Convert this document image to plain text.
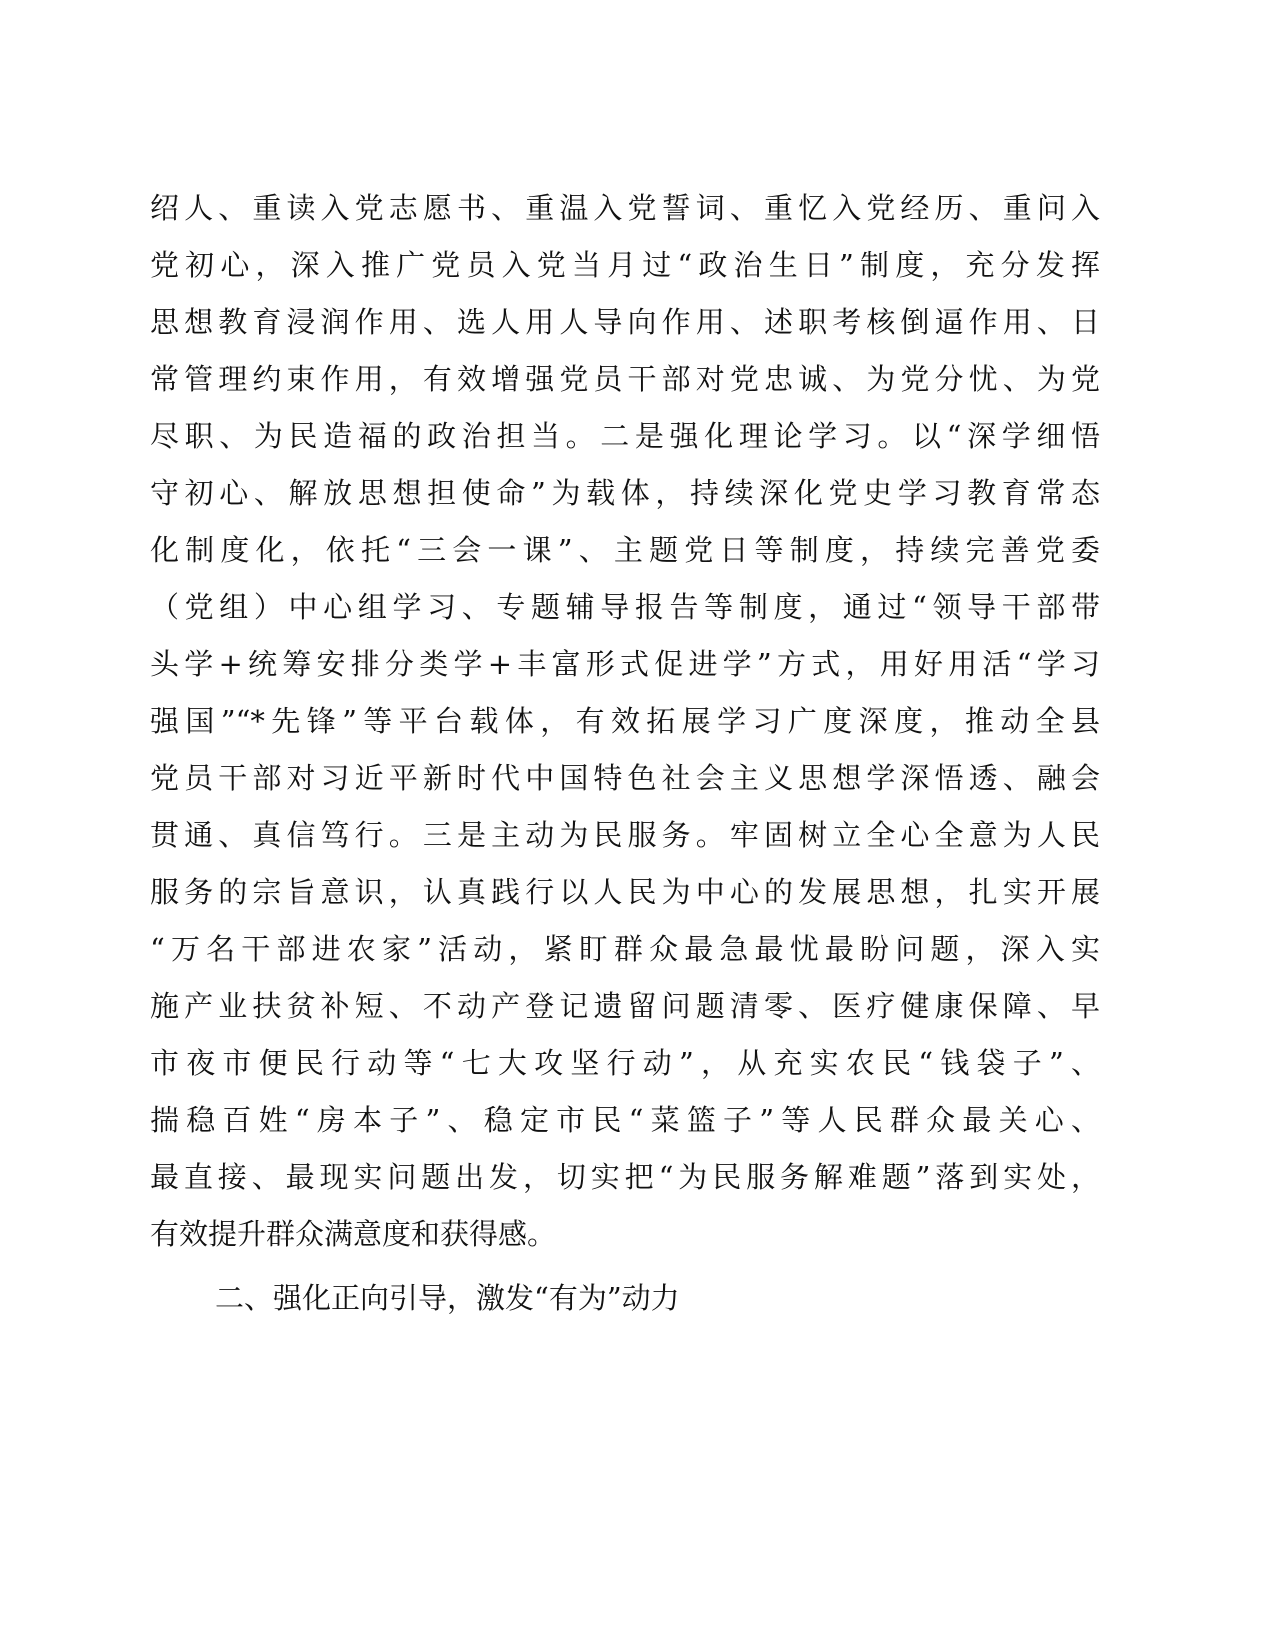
绍人、重读入党志愿书、重温入党誓词、重忆入党经历、重问入
党初心，深入推广党员入党当月过“政治生日”制度，充分发挥
思想教育浸润作用、选人用人导向作用、述职考核倒逼作用、日
常管理约束作用，有效增强党员干部对党忠诚、为党分忧、为党
尽职、为民造福的政治担当。二是强化理论学习。以“深学细悟
守初心、解放思想担使命”为载体，持续深化党史学习教育常态
化制度化，依托“三会一课”、主题党日等制度，持续完善党委
（党组）中心组学习、专题辅导报告等制度，通过“领导干部带
头学+统筹安排分类学+丰富形式促进学”方式，用好用活“学习
强国”“*先锋”等平台载体，有效拓展学习广度深度，推动全县
党员干部对习近平新时代中国特色社会主义思想学深悟透、融会
贯通、真信笃行。三是主动为民服务。牢固树立全心全意为人民
服务的宗旨意识，认真践行以人民为中心的发展思想，扎实开展
“万名干部进农家”活动，紧盯群众最急最忧最盼问题，深入实
施产业扶贫补短、不动产登记遗留问题清零、医疗健康保障、早
市夜市便民行动等“七大攻坚行动”，从充实农民“钱袋子”、
揣稳百姓“房本子”、稳定市民“菜篮子”等人民群众最关心、
最直接、最现实问题出发，切实把“为民服务解难题”落到实处，
有效提升群众满意度和获得感。
二、强化正向引导，激发“有为”动力
